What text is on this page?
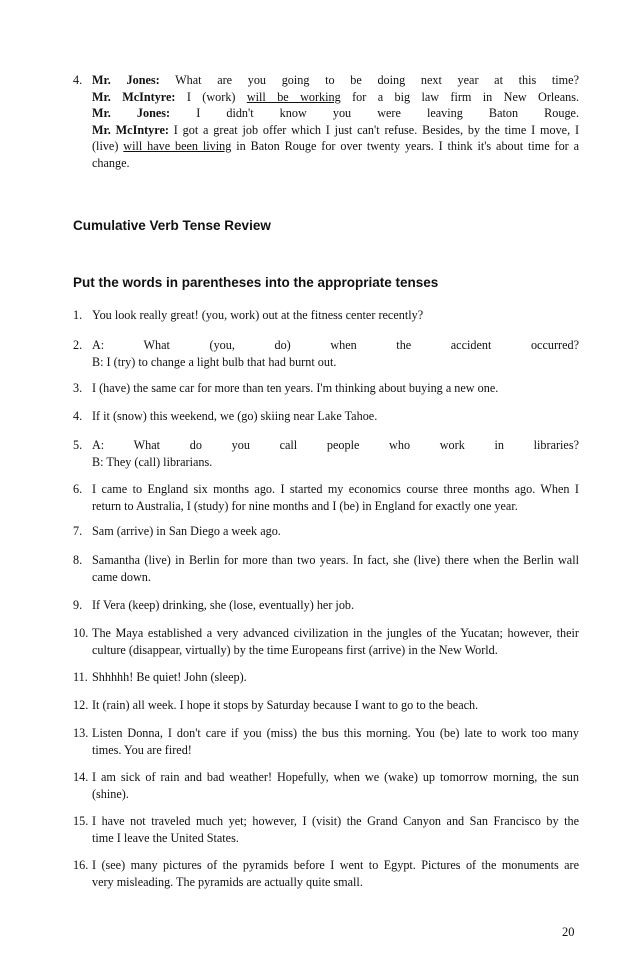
4. Mr. Jones: What are you going to be doing next year at this time?
Mr. McIntyre: I (work) will be working for a big law firm in New Orleans.
Mr. Jones: I didn't know you were leaving Baton Rouge.
Mr. McIntyre: I got a great job offer which I just can't refuse. Besides, by the time I move, I
(live) will have been living in Baton Rouge for over twenty years. I think it's about time for a
change.
Cumulative Verb Tense Review
Put the words in parentheses into the appropriate tenses
1. You look really great! (you, work) out at the fitness center recently?
2. A: What (you, do) when the accident occurred?
B: I (try) to change a light bulb that had burnt out.
3. I (have) the same car for more than ten years. I'm thinking about buying a new one.
4. If it (snow) this weekend, we (go) skiing near Lake Tahoe.
5. A: What do you call people who work in libraries?
B: They (call) librarians.
6. I came to England six months ago. I started my economics course three months ago. When I
return to Australia, I (study) for nine months and I (be) in England for exactly one year.
7. Sam (arrive) in San Diego a week ago.
8. Samantha (live) in Berlin for more than two years. In fact, she (live) there when the Berlin wall
came down.
9. If Vera (keep) drinking, she (lose, eventually) her job.
10. The Maya established a very advanced civilization in the jungles of the Yucatan; however, their
culture (disappear, virtually) by the time Europeans first (arrive) in the New World.
11. Shhhhh! Be quiet! John (sleep).
12. It (rain) all week. I hope it stops by Saturday because I want to go to the beach.
13. Listen Donna, I don't care if you (miss) the bus this morning. You (be) late to work too many
times. You are fired!
14. I am sick of rain and bad weather! Hopefully, when we (wake) up tomorrow morning, the sun
(shine).
15. I have not traveled much yet; however, I (visit) the Grand Canyon and San Francisco by the
time I leave the United States.
16. I (see) many pictures of the pyramids before I went to Egypt. Pictures of the monuments are
very misleading. The pyramids are actually quite small.
20
